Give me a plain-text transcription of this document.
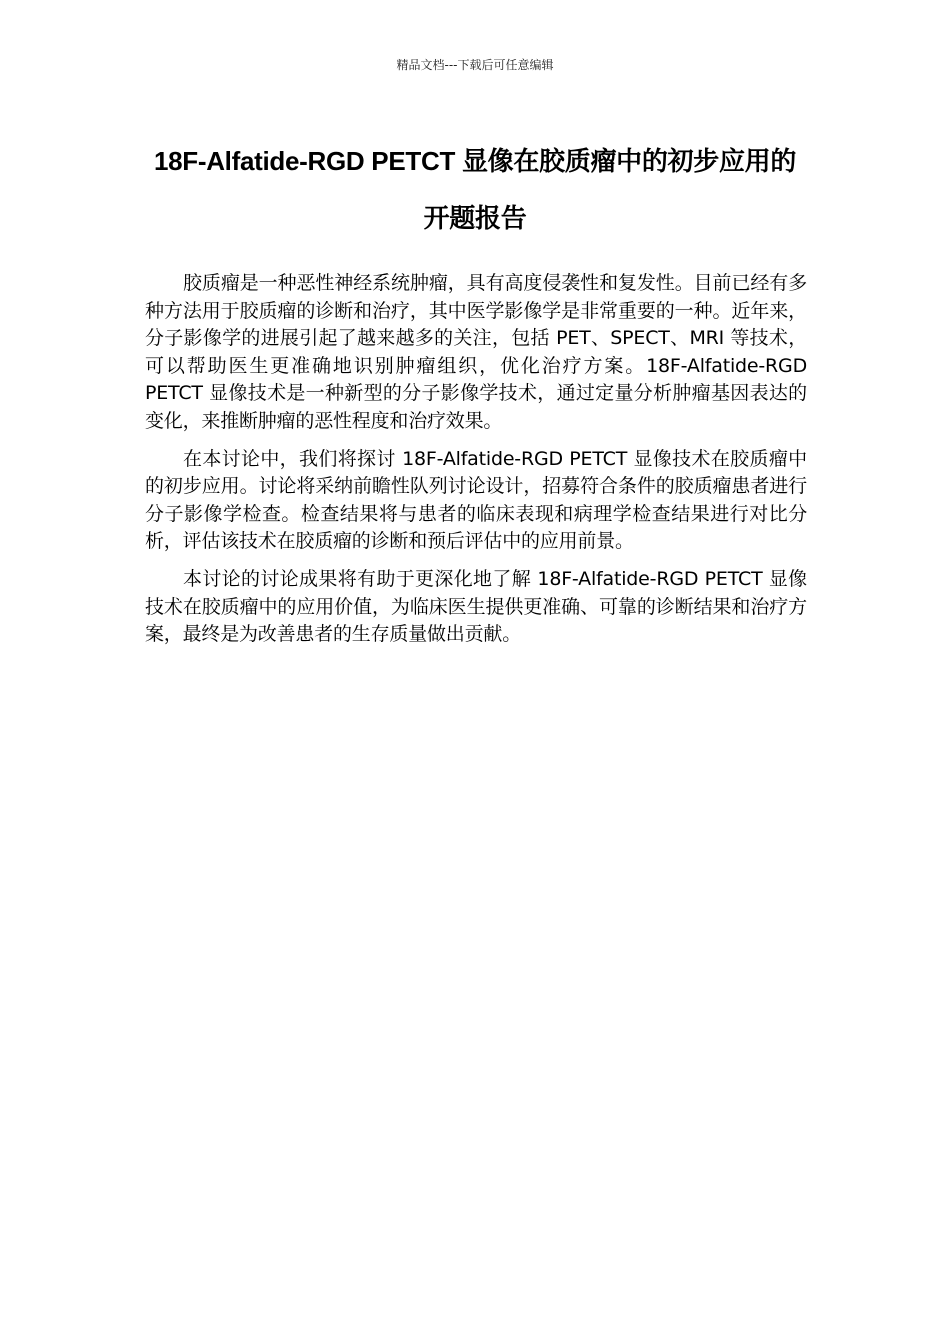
精品文档---下载后可任意编辑
18F-Alfatide-RGD PETCT 显像在胶质瘤中的初步应用的开题报告

胶质瘤是一种恶性神经系统肿瘤，具有高度侵袭性和复发性。目前已经有多种方法用于胶质瘤的诊断和治疗，其中医学影像学是非常重要的一种。近年来，分子影像学的进展引起了越来越多的关注，包括 PET、SPECT、MRI 等技术，可以帮助医生更准确地识别肿瘤组织，优化治疗方案。18F-Alfatide-RGD PETCT 显像技术是一种新型的分子影像学技术，通过定量分析肿瘤基因表达的变化，来推断肿瘤的恶性程度和治疗效果。

在本讨论中，我们将探讨 18F-Alfatide-RGD PETCT 显像技术在胶质瘤中的初步应用。讨论将采纳前瞻性队列讨论设计，招募符合条件的胶质瘤患者进行分子影像学检查。检查结果将与患者的临床表现和病理学检查结果进行对比分析，评估该技术在胶质瘤的诊断和预后评估中的应用前景。

本讨论的讨论成果将有助于更深化地了解 18F-Alfatide-RGD PETCT 显像技术在胶质瘤中的应用价值，为临床医生提供更准确、可靠的诊断结果和治疗方案，最终是为改善患者的生存质量做出贡献。
